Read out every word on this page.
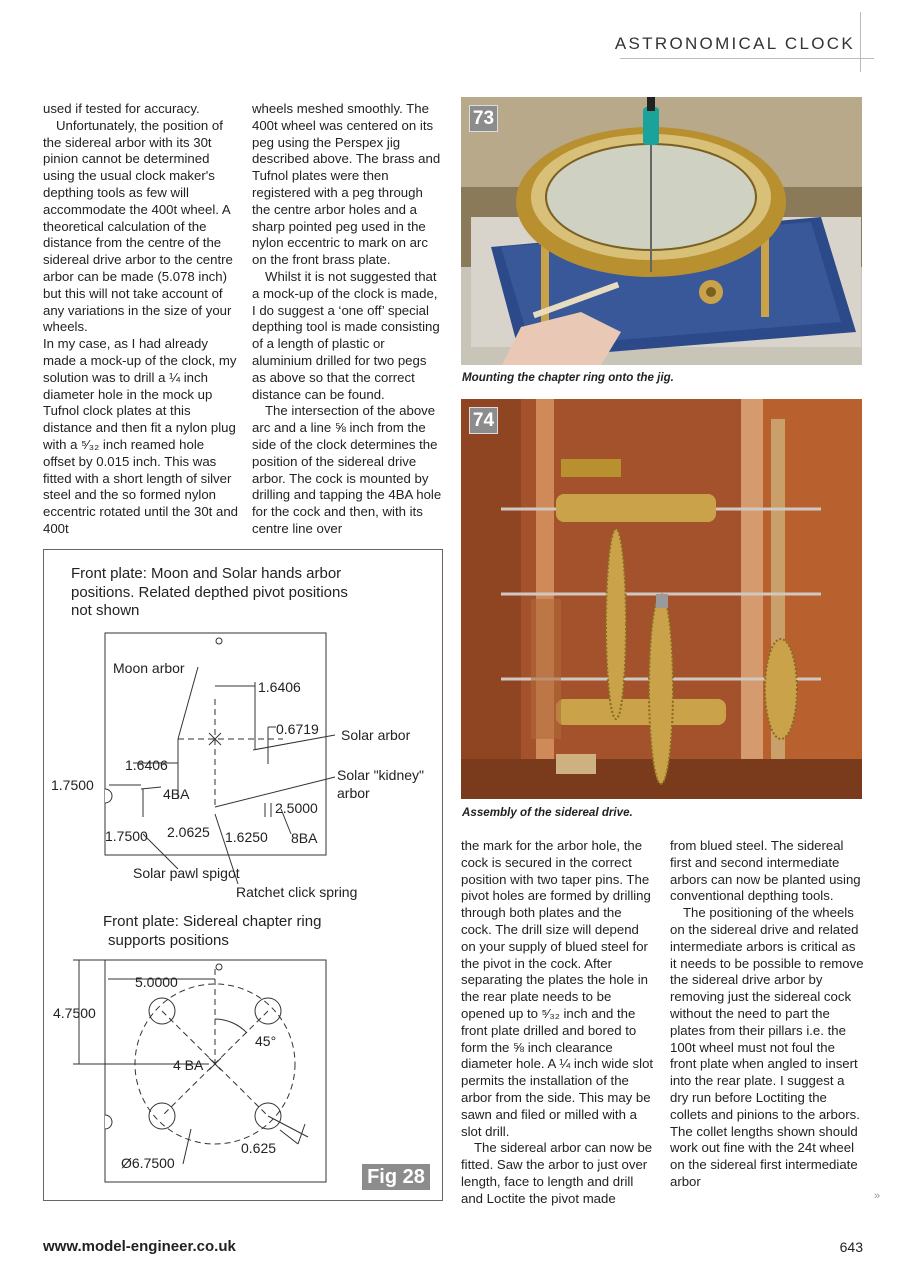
ASTRONOMICAL CLOCK

used if tested for accuracy.

Unfortunately, the position of the sidereal arbor with its 30t pinion cannot be determined using the usual clock maker's depthing tools as few will accommodate the 400t wheel. A theoretical calculation of the distance from the centre of the sidereal drive arbor to the centre arbor can be made (5.078 inch) but this will not take account of any variations in the size of your wheels.

In my case, as I had already made a mock-up of the clock, my solution was to drill a ¼ inch diameter hole in the mock up Tufnol clock plates at this distance and then fit a nylon plug with a ⁵⁄₃₂ inch reamed hole offset by 0.015 inch. This was fitted with a short length of silver steel and the so formed nylon eccentric rotated until the 30t and 400t

wheels meshed smoothly. The 400t wheel was centered on its peg using the Perspex jig described above. The brass and Tufnol plates were then registered with a peg through the centre arbor holes and a sharp pointed peg used in the nylon eccentric to mark on arc on the front brass plate.

Whilst it is not suggested that a mock-up of the clock is made, I do suggest a ‘one off’ special depthing tool is made consisting of a length of plastic or aluminium drilled for two pegs as above so that the correct distance can be found.

The intersection of the above arc and a line ⅝ inch from the side of the clock determines the position of the sidereal drive arbor. The cock is mounted by drilling and tapping the 4BA hole for the cock and then, with its centre line over

73
Mounting the chapter ring onto the jig.
74
Assembly of the sidereal drive.

the mark for the arbor hole, the cock is secured in the correct position with two taper pins. The pivot holes are formed by drilling through both plates and the cock. The drill size will depend on your supply of blued steel for the pivot in the cock. After separating the plates the hole in the rear plate needs to be opened up to ⁵⁄₃₂ inch and the front plate drilled and bored to form the ⅝ inch clearance diameter hole. A ¼ inch wide slot permits the installation of the arbor from the side. This may be sawn and filed or milled with a slot drill.

The sidereal arbor can now be fitted. Saw the arbor to just over length, face to length and drill and Loctite the pivot made

from blued steel. The sidereal first and second intermediate arbors can now be planted using conventional depthing tools.

The positioning of the wheels on the sidereal drive and related intermediate arbors is critical as it needs to be possible to remove the sidereal drive arbor by removing just the sidereal cock without the need to part the plates from their pillars i.e. the 100t wheel must not foul the front plate when angled to insert into the rear plate. I suggest a dry run before Loctiting the collets and pinions to the arbors. The collet lengths shown should work out fine with the 24t wheel on the sidereal first intermediate arbor

Front plate: Moon and Solar hands arbor
positions. Related depthed pivot positions
not shown
Moon arbor
1.6406
0.6719 Solar arbor
1.6406
Solar "kidney"
arbor
1.7500
4BA
2.5000
1.7500 2.0625 1.6250 8BA
Solar pawl spigot
Ratchet click spring
Front plate: Sidereal chapter ring
supports positions
5.0000
4.7500
45°
4 BA
0.625
Ø6.7500
Fig 28
»
www.model-engineer.co.uk	643
